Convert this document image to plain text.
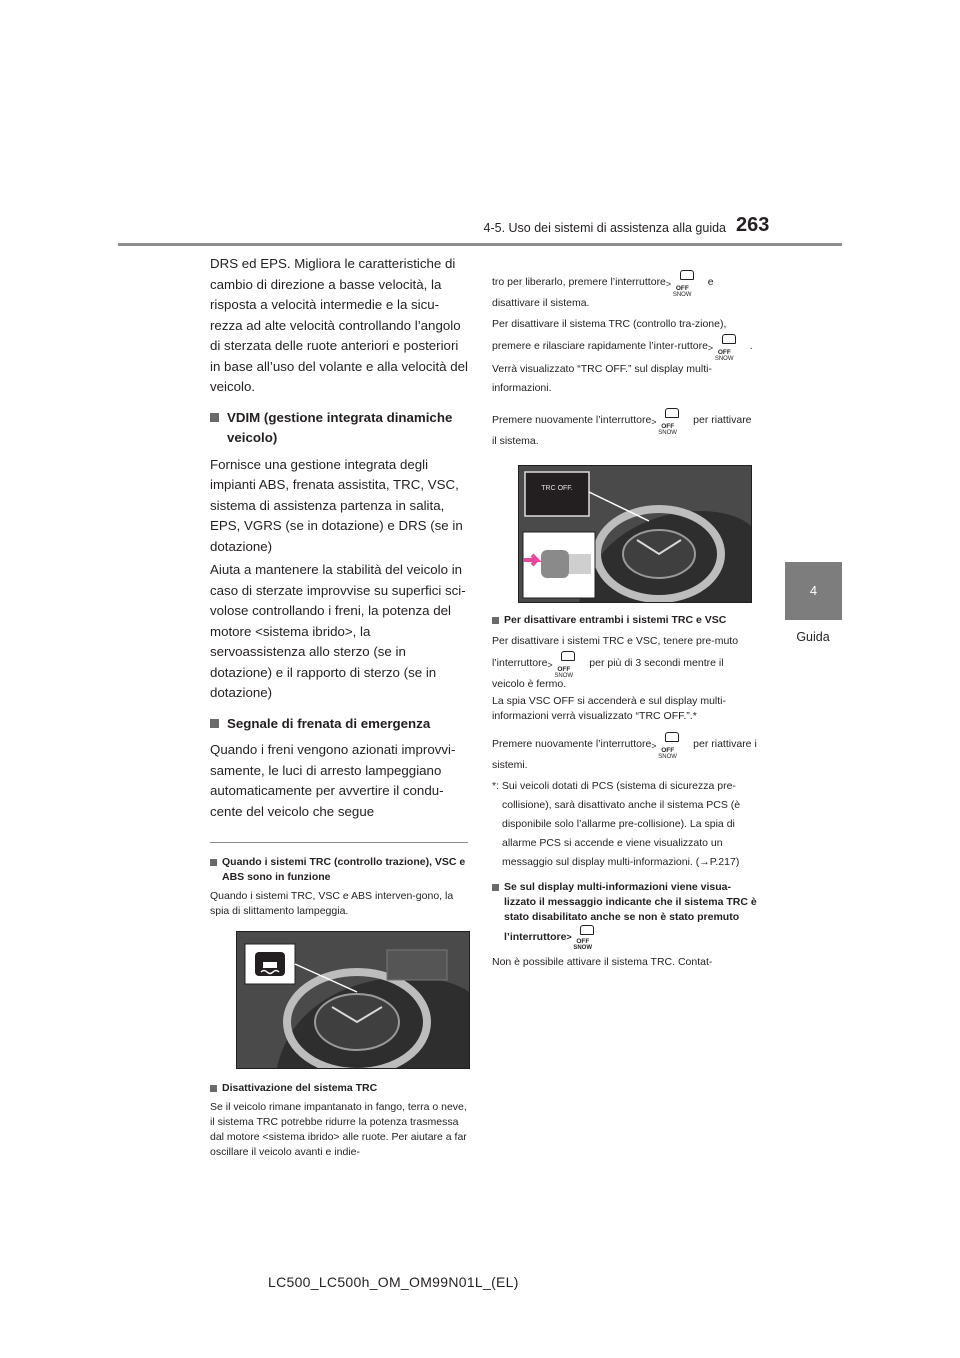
4-5. Uso dei sistemi di assistenza alla guida 263
4
Guida

DRS ed EPS. Migliora le caratteristiche di cambio di direzione a basse velocità, la risposta a velocità intermedie e la sicu-rezza ad alte velocità controllando l’angolo di sterzata delle ruote anteriori e posteriori in base all’uso del volante e alla velocità del veicolo.

VDIM (gestione integrata dinamiche veicolo)

Fornisce una gestione integrata degli impianti ABS, frenata assistita, TRC, VSC, sistema di assistenza partenza in salita, EPS, VGRS (se in dotazione) e DRS (se in dotazione)

Aiuta a mantenere la stabilità del veicolo in caso di sterzate improvvise su superfici sci-volose controllando i freni, la potenza del motore <sistema ibrido>, la servoassistenza allo sterzo (se in dotazione) e il rapporto di sterzo (se in dotazione)

Segnale di frenata di emergenza

Quando i freni vengono azionati improvvi-samente, le luci di arresto lampeggiano automaticamente per avvertire il condu-cente del veicolo che segue

Quando i sistemi TRC (controllo trazione), VSC e ABS sono in funzione

Quando i sistemi TRC, VSC e ABS interven-gono, la spia di slittamento lampeggia.

Disattivazione del sistema TRC

Se il veicolo rimane impantanato in fango, terra o neve, il sistema TRC potrebbe ridurre la potenza trasmessa dal motore <sistema ibrido> alle ruote. Per aiutare a far oscillare il veicolo avanti e indie-

tro per liberarlo, premere l’interruttore > OFF
SNOW
e disattivare il sistema.

Per disattivare il sistema TRC (controllo tra-zione), premere e rilasciare rapidamente l’inter-ruttore > OFF
SNOW
.

Verrà visualizzato “TRC OFF.” sul display multi-informazioni.

Premere nuovamente l’interruttore > OFF
SNOW
per riattivare il sistema.

TRC OFF.
Per disattivare entrambi i sistemi TRC e VSC

Per disattivare i sistemi TRC e VSC, tenere pre-muto l’interruttore > OFF
SNOW
per più di 3 secondi mentre il veicolo è fermo.

La spia VSC OFF si accenderà e sul display multi-informazioni verrà visualizzato “TRC OFF.”.*

Premere nuovamente l’interruttore > OFF
SNOW
per riattivare i sistemi.

*: Sui veicoli dotati di PCS (sistema di sicurezza pre-collisione), sarà disattivato anche il sistema PCS (è disponibile solo l’allarme pre-collisione). La spia di allarme PCS si accende e viene visualizzato un messaggio sul display multi-informazioni. (→P.217)

Se sul display multi-informazioni viene visua-lizzato il messaggio indicante che il sistema TRC è stato disabilitato anche se non è stato premuto l’interruttore > OFF
SNOW

Non è possibile attivare il sistema TRC. Contat-

LC500_LC500h_OM_OM99N01L_(EL)
